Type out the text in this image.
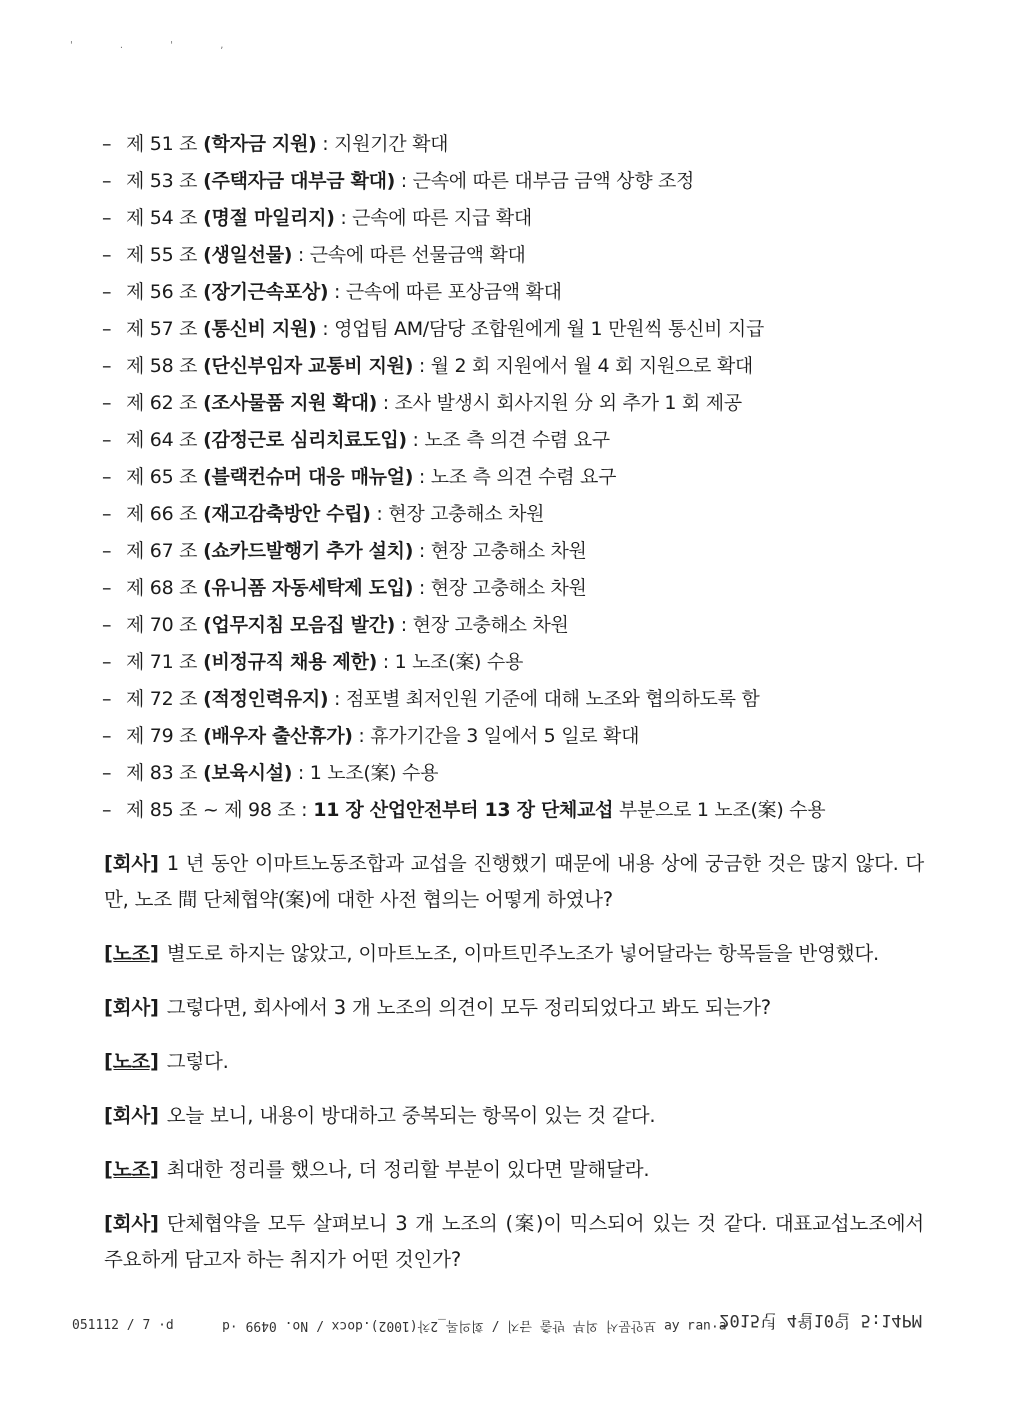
' . ' ,
– 제 51 조 (학자금 지원) : 지원기간 확대
– 제 53 조 (주택자금 대부금 확대) : 근속에 따른 대부금 금액 상향 조정
– 제 54 조 (명절 마일리지) : 근속에 따른 지급 확대
– 제 55 조 (생일선물) : 근속에 따른 선물금액 확대
– 제 56 조 (장기근속포상) : 근속에 따른 포상금액 확대
– 제 57 조 (통신비 지원) : 영업팀 AM/담당 조합원에게 월 1 만원씩 통신비 지급
– 제 58 조 (단신부임자 교통비 지원) : 월 2 회 지원에서 월 4 회 지원으로 확대
– 제 62 조 (조사물품 지원 확대) : 조사 발생시 회사지원 分 외 추가 1 회 제공
– 제 64 조 (감정근로 심리치료도입) : 노조 측 의견 수렴 요구
– 제 65 조 (블랙컨슈머 대응 매뉴얼) : 노조 측 의견 수렴 요구
– 제 66 조 (재고감축방안 수립) : 현장 고충해소 차원
– 제 67 조 (쇼카드발행기 추가 설치) : 현장 고충해소 차원
– 제 68 조 (유니폼 자동세탁제 도입) : 현장 고충해소 차원
– 제 70 조 (업무지침 모음집 발간) : 현장 고충해소 차원
– 제 71 조 (비정규직 채용 제한) : 1 노조(案) 수용
– 제 72 조 (적정인력유지) : 점포별 최저인원 기준에 대해 노조와 협의하도록 함
– 제 79 조 (배우자 출산휴가) : 휴가기간을 3 일에서 5 일로 확대
– 제 83 조 (보육시설) : 1 노조(案) 수용
– 제 85 조 ~ 제 98 조 : 11 장 산업안전부터 13 장 단체교섭 부분으로 1 노조(案) 수용
[회사] 1 년 동안 이마트노동조합과 교섭을 진행했기 때문에 내용 상에 궁금한 것은 많지 않다. 다만, 노조 間 단체협약(案)에 대한 사전 협의는 어떻게 하였나?
[노조] 별도로 하지는 않았고, 이마트노조, 이마트민주노조가 넣어달라는 항목들을 반영했다.
[회사] 그렇다면, 회사에서 3 개 노조의 의견이 모두 정리되었다고 봐도 되는가?
[노조] 그렇다.
[회사] 오늘 보니, 내용이 방대하고 중복되는 항목이 있는 것 같다.
[노조] 최대한 정리를 했으나, 더 정리할 부분이 있다면 말해달라.
[회사] 단체협약을 모두 살펴보니 3 개 노조의 (案)이 믹스되어 있는 것 같다. 대표교섭노조에서 주요하게 담고자 하는 취지가 어떤 것인가?
051112 / 7 ·d	ɐ·uɐɹ ʎɐ 보안문서 외부 반출 금지 / 회의록_2차(1002).docx / No. 0499 ·d
2015년 4월10일 5:14PM
